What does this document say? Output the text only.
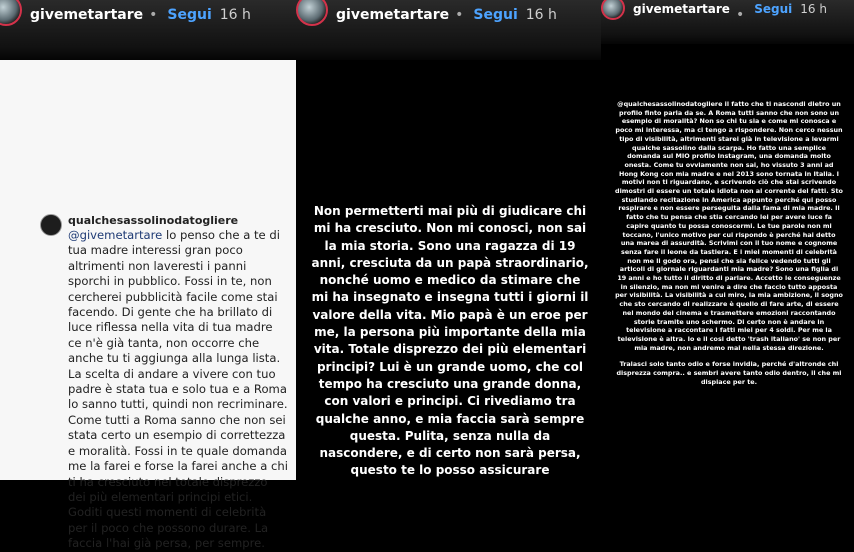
givemetartare • Segui 16 h
qualchesassolinodatogliere
@givemetartare lo penso che a te di tua madre interessi gran poco altrimenti non laveresti i panni sporchi in pubblico. Fossi in te, non cercherei pubblicità facile come stai facendo. Di gente che ha brillato di luce riflessa nella vita di tua madre ce n'è già tanta, non occorre che anche tu ti aggiunga alla lunga lista. La scelta di andare a vivere con tuo padre è stata tua e solo tua e a Roma lo sanno tutti, quindi non recriminare. Come tutti a Roma sanno che non sei stata certo un esempio di correttezza e moralità. Fossi in te quale domanda me la farei e forse la farei anche a chi ti ha cresciuto nel totale disprezzo dei più elementari principi etici. Goditi questi momenti di celebrità per il poco che possono durare. La faccia l'hai già persa, per sempre.
givemetartare • Segui 16 h
Non permetterti mai più di giudicare chi mi ha cresciuto. Non mi conosci, non sai la mia storia. Sono una ragazza di 19 anni, cresciuta da un papà straordinario, nonché uomo e medico da stimare che mi ha insegnato e insegna tutti i giorni il valore della vita. Mio papà è un eroe per me, la persona più importante della mia vita. Totale disprezzo dei più elementari principi? Lui è un grande uomo, che col tempo ha cresciuto una grande donna, con valori e principi. Ci rivediamo tra qualche anno, e mia faccia sarà sempre questa. Pulita, senza nulla da nascondere, e di certo non sarà persa, questo te lo posso assicurare
givemetartare • Segui 16 h
@qualchesassolinodatogliere il fatto che ti nascondi dietro un profilo finto parla da se. A Roma tutti sanno che non sono un esempio di moralità? Non so chi tu sia e come mi conosca e poco mi interessa, ma ci tengo a rispondere. Non cerco nessun tipo di visibilità, altrimenti starei già in televisione a levarmi qualche sassolino dalla scarpa. Ho fatto una semplice domanda sul MIO profilo Instagram, una domanda molto onesta. Come tu ovviamente non sai, ho vissuto 3 anni ad Hong Kong con mia madre e nel 2013 sono tornata in Italia. I motivi non ti riguardano, e scrivendo ciò che stai scrivendo dimostri di essere un totale idiota non al corrente dei fatti. Sto studiando recitazione in America appunto perché qui posso respirare e non essere perseguita dalla fama di mia madre. Il fatto che tu pensa che stia cercando lei per avere luce fa capire quanto tu possa conoscermi. Le tue parole non mi toccano, l'unico motivo per cui rispondo è perché hai detto una marea di assurdità. Scrivimi con il tuo nome e cognome senza fare il leone da tastiera. E i miei momenti di celebrità non me li godo ora, pensi che sia felice vedendo tutti gli articoli di giornale riguardanti mia madre? Sono una figlia di 19 anni e ho tutto il diritto di parlare. Accetto le conseguenze in silenzio, ma non mi venire a dire che faccio tutto apposta per visibilità. La visibilità a cui miro, la mia ambizione, il sogno che sto cercando di realizzare è quello di fare arte, di essere nel mondo del cinema e trasmettere emozioni raccontando storie tramite uno schermo. Di certo non è andare in televisione a raccontare i fatti miei per 4 soldi. Per me la televisione è altra. Io e il cosi detto 'trash italiano' se non per mia madre, non andremo mai nella stessa direzione.
Tralasci solo tanto odio e forse invidia, perché d'altronde chi disprezza compra.. e sembri avere tanto odio dentro, il che mi dispiace per te.
